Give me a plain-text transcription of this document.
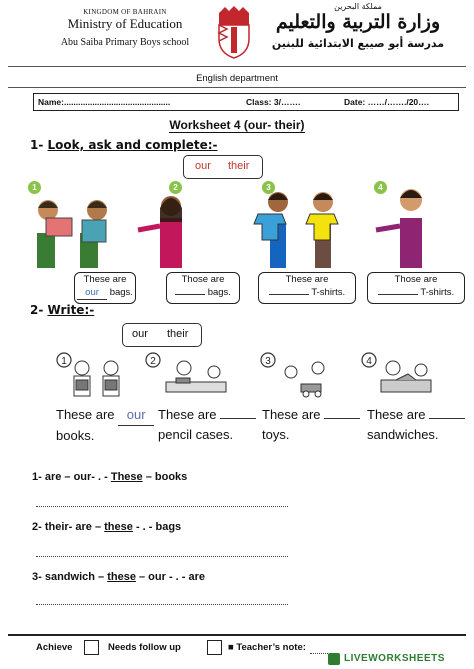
KINGDOM OF BAHRAIN
Ministry of Education
Abu Saiba Primary Boys school
مملكة البحرين
وزارة التربية والتعليم
مدرسة أبو صيبع الابتدائية للبنين
English department
Name:.............................................	Class: 3/…….	Date: ……/……./20….
Worksheet 4 (our- their)
1- Look, ask and complete:-
our their
1	2	3	4
These are
our bags.
Those are
bags.
These are
T-shirts.
Those are
T-shirts.
2- Write:-
our their
1	2	3	4
These are our
books.
These are
pencil cases.
These are
toys.
These are
sandwiches.
1- are – our- . - These – books
2- their- are – these - . - bags
3- sandwich – these – our - . - are
Achieve	Needs follow up	■ Teacher’s note:
LIVEWORKSHEETS
